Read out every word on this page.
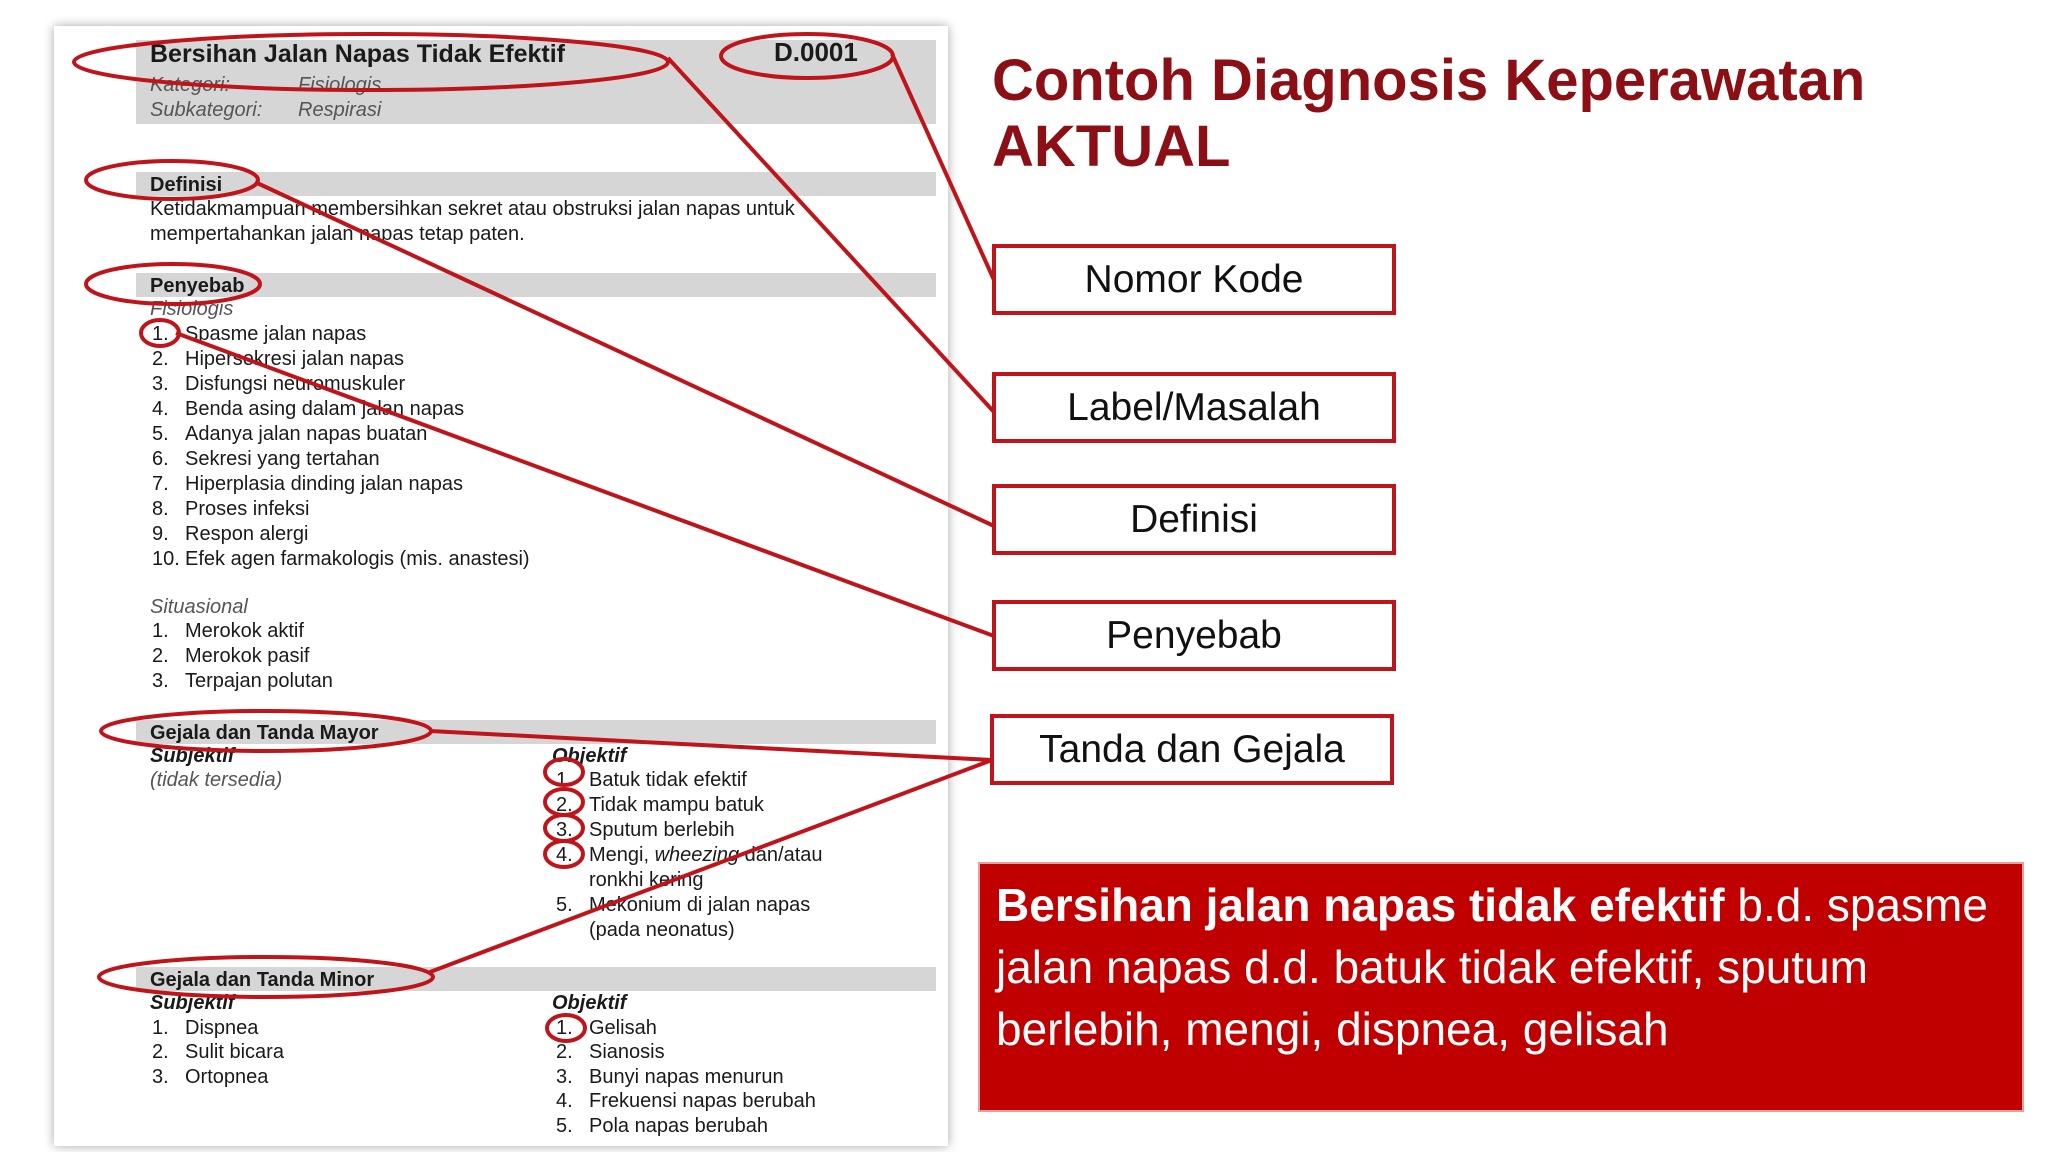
Bersihan Jalan Napas Tidak Efektif	D.0001
Kategori:	Fisiologis
Subkategori: Respirasi
Definisi
Ketidakmampuan membersihkan sekret atau obstruksi jalan napas untuk
mempertahankan jalan napas tetap paten.
Penyebab
Fisiologis
1. Spasme jalan napas
2. Hipersekresi jalan napas
3. Disfungsi neuromuskuler
4. Benda asing dalam jalan napas
5. Adanya jalan napas buatan
6. Sekresi yang tertahan
7. Hiperplasia dinding jalan napas
8. Proses infeksi
9. Respon alergi
10. Efek agen farmakologis (mis. anastesi)
Situasional
1. Merokok aktif
2. Merokok pasif
3. Terpajan polutan
Gejala dan Tanda Mayor
Subjektif
(tidak tersedia)
Objektif
1. Batuk tidak efektif
2. Tidak mampu batuk
3. Sputum berlebih
4. Mengi, wheezing dan/atau
ronkhi kering
5. Mekonium di jalan napas
(pada neonatus)
Gejala dan Tanda Minor
Subjektif
1. Dispnea
2. Sulit bicara
3. Ortopnea
Objektif
1. Gelisah
2. Sianosis
3. Bunyi napas menurun
4. Frekuensi napas berubah
5. Pola napas berubah
Contoh Diagnosis Keperawatan
AKTUAL
Nomor Kode
Label/Masalah
Definisi
Penyebab
Tanda dan Gejala
Bersihan jalan napas tidak efektif b.d. spasme jalan napas d.d. batuk tidak efektif, sputum berlebih, mengi, dispnea, gelisah
